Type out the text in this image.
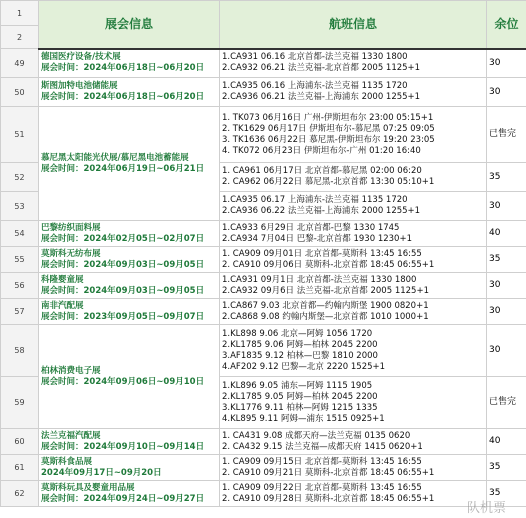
1	展会信息	航班信息	余位
2			
49	德国医疗设备/技术展
展会时间：2024年06月18日~06月20日	1.CA931 06.16 北京首都-法兰克福 1330 1800
2.CA932 06.21 法兰克福-北京首都 2005 1125+1	30
50	斯图加特电池储能展
展会时间：2024年06月18日~06月20日	1.CA935 06.16 上海浦东-法兰克福 1135 1720
2.CA936 06.21 法兰克福-上海浦东 2000 1255+1	30
51	慕尼黑太阳能光伏展/慕尼黑电池蓄能展
展会时间：2024年06月19日~06月21日	1. TK073 06月16日 广州-伊斯坦布尔 23:00 05:15+1
2. TK1629 06月17日 伊斯坦布尔-慕尼黑 07:25 09:05
3. TK1636 06月22日 慕尼黑-伊斯坦布尔 19:20 23:05
4. TK072 06月23日 伊斯坦布尔-广州 01:20 16:40	已售完
52		1. CA961 06月17日 北京首都-慕尼黑 02:00 06:20
2. CA962 06月22日 慕尼黑-北京首都 13:30 05:10+1	35
53		1.CA935 06.17 上海浦东-法兰克福 1135 1720
2.CA936 06.22 法兰克福-上海浦东 2000 1255+1	30
54	巴黎纺织面料展
展会时间：2024年02月05日~02月07日	1.CA933 6月29日 北京首都-巴黎 1330 1745
2.CA934 7月04日 巴黎-北京首都 1930 1230+1	40
55	莫斯科无纺布展
展会时间：2024年09月03日~09月05日	1. CA909 09月01日 北京首都-莫斯科 13:45 16:55
2. CA910 09月06日 莫斯科-北京首都 18:45 06:55+1	35
56	科隆婴童展
展会时间：2024年09月03日~09月05日	1.CA931 09月1日 北京首都-法兰克福 1330 1800
2.CA932 09月6日 法兰克福-北京首都 2005 1125+1	30
57	南非汽配展
展会时间：2023年09月05日~09月07日	1.CA867 9.03 北京首都—约翰内斯堡 1900 0820+1
2.CA868 9.08 约翰内斯堡—北京首都 1010 1000+1	30
58	柏林消费电子展
展会时间：2024年09月06日~09月10日	1.KL898 9.06 北京—阿姆 1056 1720
2.KL1785 9.06 阿姆—柏林 2045 2200
3.AF1835 9.12 柏林—巴黎 1810 2000
4.AF202 9.12 巴黎—北京 2220 1525+1	30
59		1.KL896 9.05 浦东—阿姆 1115 1905
2.KL1785 9.05 阿姆—柏林 2045 2200
3.KL1776 9.11 柏林—阿姆 1215 1335
4.KL895 9.11 阿姆—浦东 1515 0925+1	已售完
60	法兰克福汽配展
展会时间：2024年09月10日~09月14日	1. CA431 9.08 成都天府—法兰克福 0135 0620
2. CA432 9.15 法兰克福—成都天府 1415 0620+1	40
61	莫斯科食品展
2024年09月17日~09月20日	1. CA909 09月15日 北京首都-莫斯科 13:45 16:55
2. CA910 09月21日 莫斯科-北京首都 18:45 06:55+1	35
62	莫斯科玩具及婴童用品展
展会时间：2024年09月24日~09月27日	1. CA909 09月22日 北京首都-莫斯科 13:45 16:55
2. CA910 09月28日 莫斯科-北京首都 18:45 06:55+1	35
队机票
